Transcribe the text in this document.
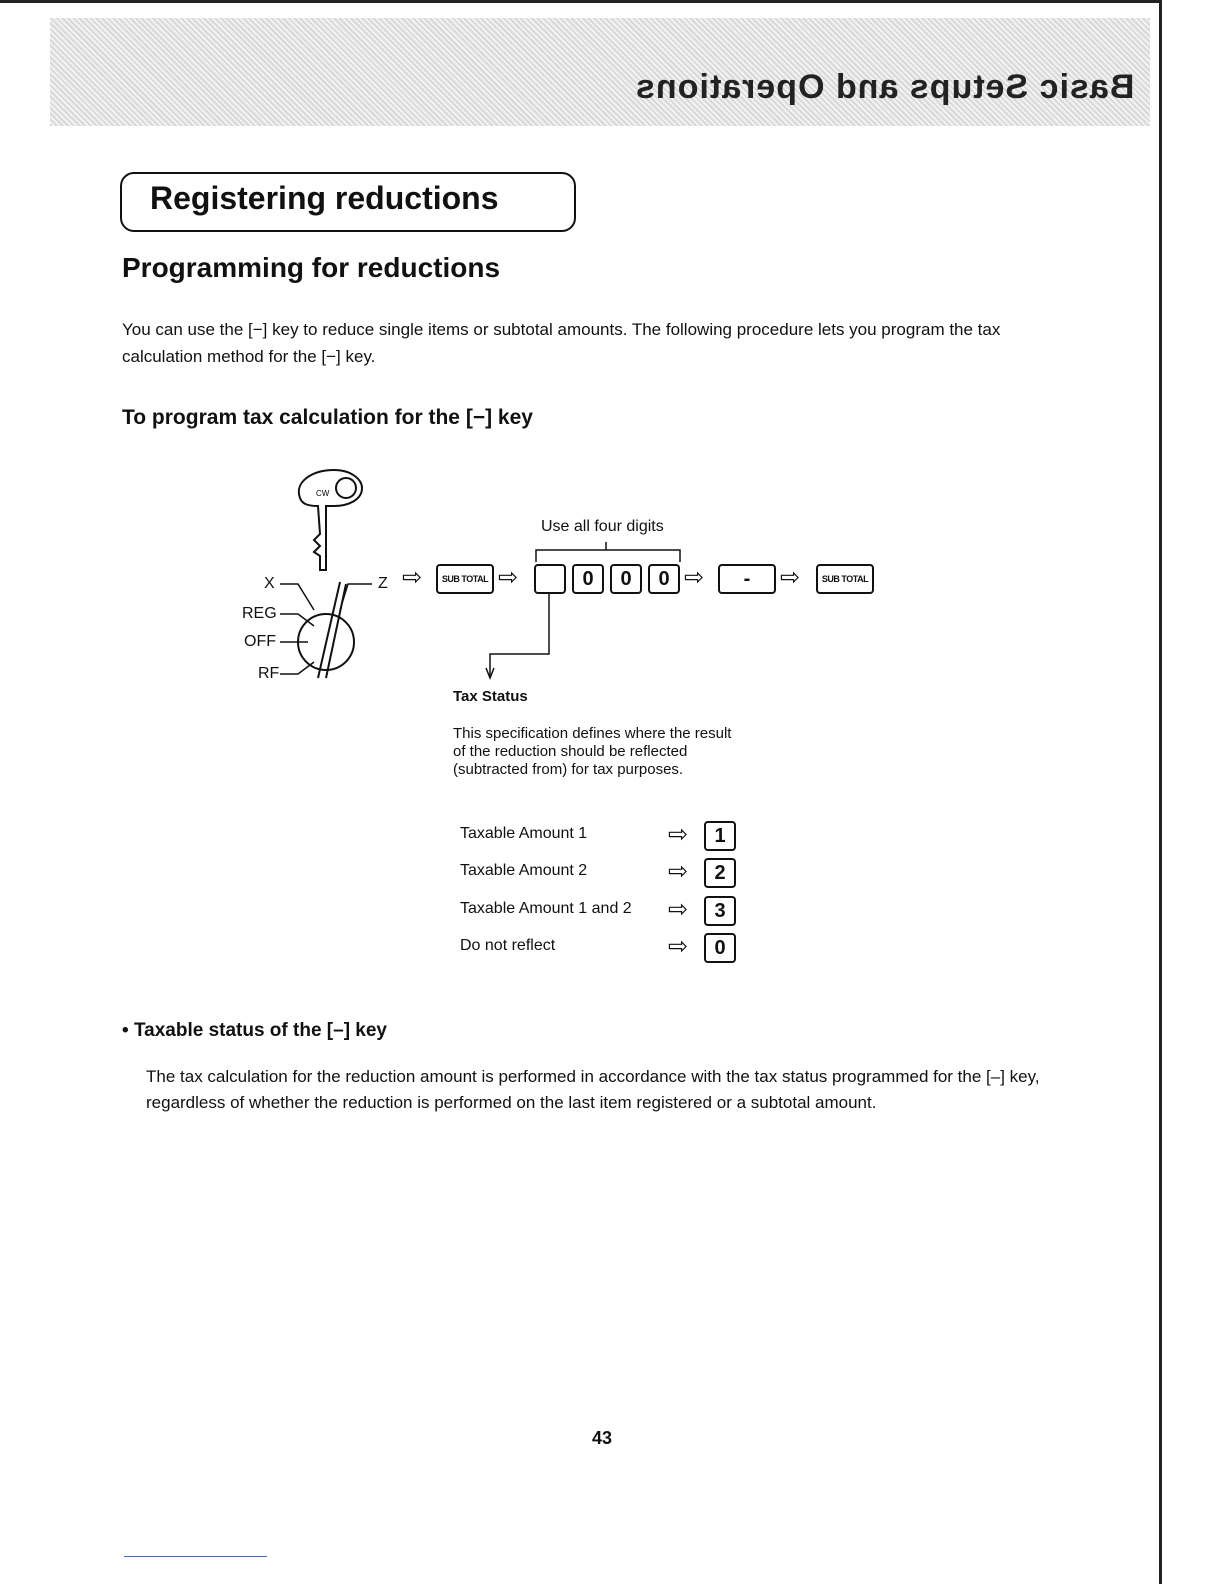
Basic Setups and Operations
Registering reductions
Programming for reductions
You can use the [−] key to reduce single items or subtotal amounts. The following procedure lets you program the tax calculation method for the [−] key.
To program tax calculation for the [−] key
CW
X
REG
OFF
RF
Z
Use all four digits
⇨ SUB TOTAL ⇨	0	0	0 ⇨	-	⇨ SUB TOTAL
Tax Status
This specification defines where the result of the reduction should be reflected (subtracted from) for tax purposes.
Taxable Amount 1	⇨	1
Taxable Amount 2	⇨	2
Taxable Amount 1 and 2 ⇨	3
Do not reflect	⇨	0
• Taxable status of the [–] key
The tax calculation for the reduction amount is performed in accordance with the tax status programmed for the [–] key, regardless of whether the reduction is performed on the last item registered or a subtotal amount.
43
